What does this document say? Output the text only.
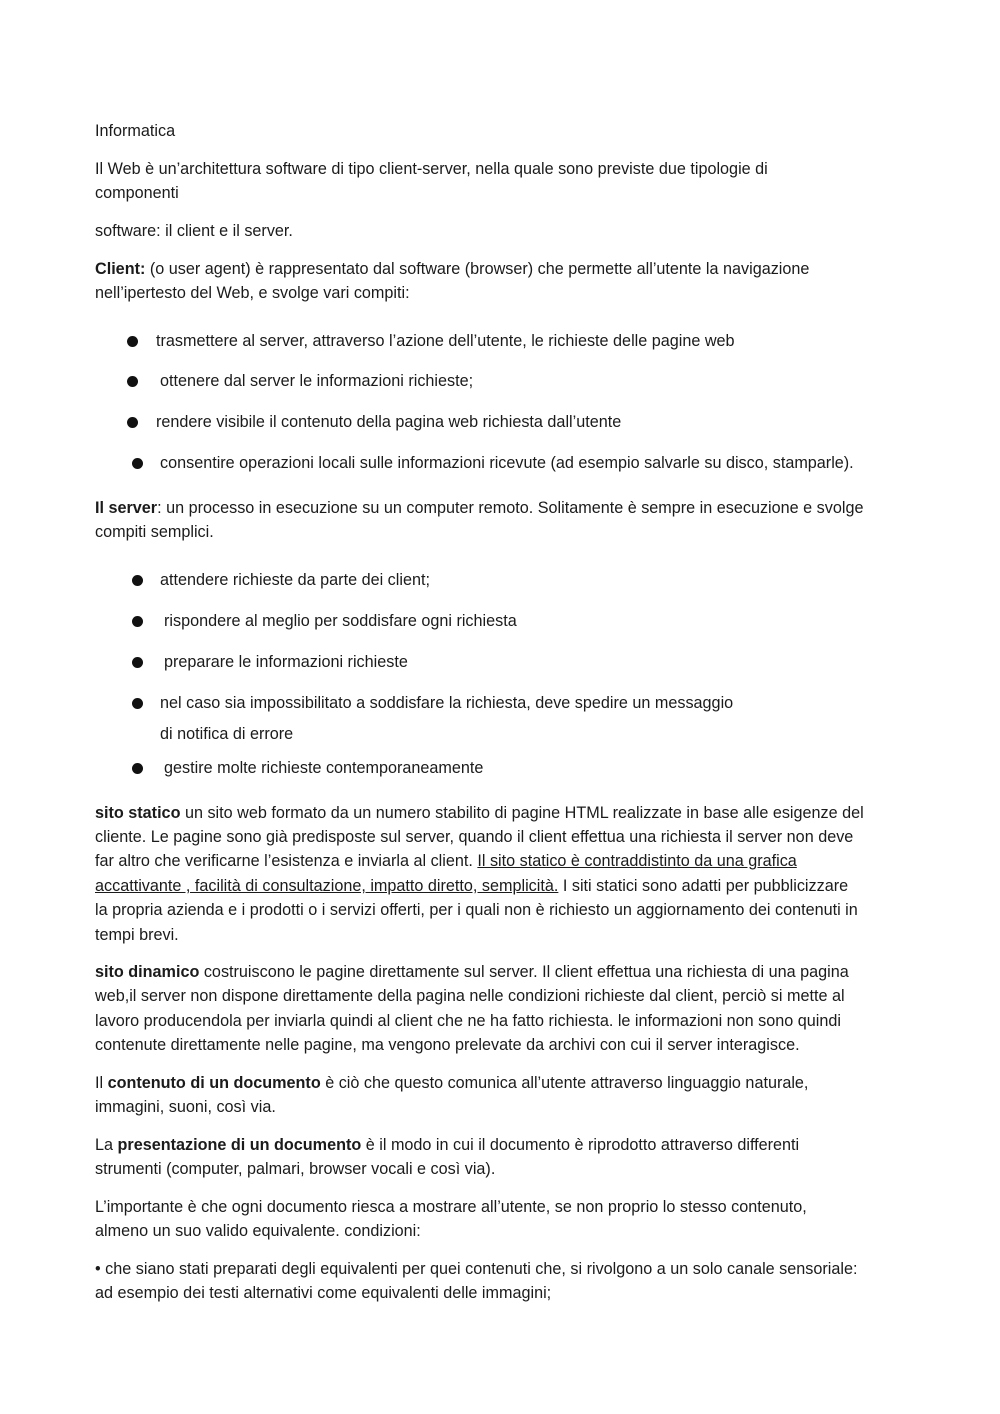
Informatica
Il Web è un’architettura software di tipo client-server, nella quale sono previste due tipologie di
componenti
software: il client e il server.
Client: (o user agent) è rappresentato dal software (browser) che permette all’utente la navigazione
nell’ipertesto del Web, e svolge vari compiti:
trasmettere al server, attraverso l’azione dell’utente, le richieste delle pagine web
ottenere dal server le informazioni richieste;
rendere visibile il contenuto della pagina web richiesta dall’utente
consentire operazioni locali sulle informazioni ricevute (ad esempio salvarle su disco, stamparle).
Il server: un processo in esecuzione su un computer remoto. Solitamente è sempre in esecuzione e svolge
compiti semplici.
attendere richieste da parte dei client;
rispondere al meglio per soddisfare ogni richiesta
preparare le informazioni richieste
nel caso sia impossibilitato a soddisfare la richiesta, deve spedire un messaggio
di notifica di errore
gestire molte richieste contemporaneamente
sito statico un sito web formato da un numero stabilito di pagine HTML realizzate in base alle esigenze del
cliente. Le pagine sono già predisposte sul server, quando il client effettua una richiesta il server non deve
far altro che verificarne l’esistenza e inviarla al client. Il sito statico è contraddistinto da una grafica
accattivante , facilità di consultazione, impatto diretto, semplicità. I siti statici sono adatti per pubblicizzare
la propria azienda e i prodotti o i servizi offerti, per i quali non è richiesto un aggiornamento dei contenuti in
tempi brevi.
sito dinamico costruiscono le pagine direttamente sul server. Il client effettua una richiesta di una pagina
web,il server non dispone direttamente della pagina nelle condizioni richieste dal client, perciò si mette al
lavoro producendola per inviarla quindi al client che ne ha fatto richiesta. le informazioni non sono quindi
contenute direttamente nelle pagine, ma vengono prelevate da archivi con cui il server interagisce.
Il contenuto di un documento è ciò che questo comunica all’utente attraverso linguaggio naturale,
immagini, suoni, così via.
La presentazione di un documento è il modo in cui il documento è riprodotto attraverso differenti
strumenti (computer, palmari, browser vocali e così via).
L’importante è che ogni documento riesca a mostrare all’utente, se non proprio lo stesso contenuto,
almeno un suo valido equivalente. condizioni:
• che siano stati preparati degli equivalenti per quei contenuti che, si rivolgono a un solo canale sensoriale:
ad esempio dei testi alternativi come equivalenti delle immagini;
